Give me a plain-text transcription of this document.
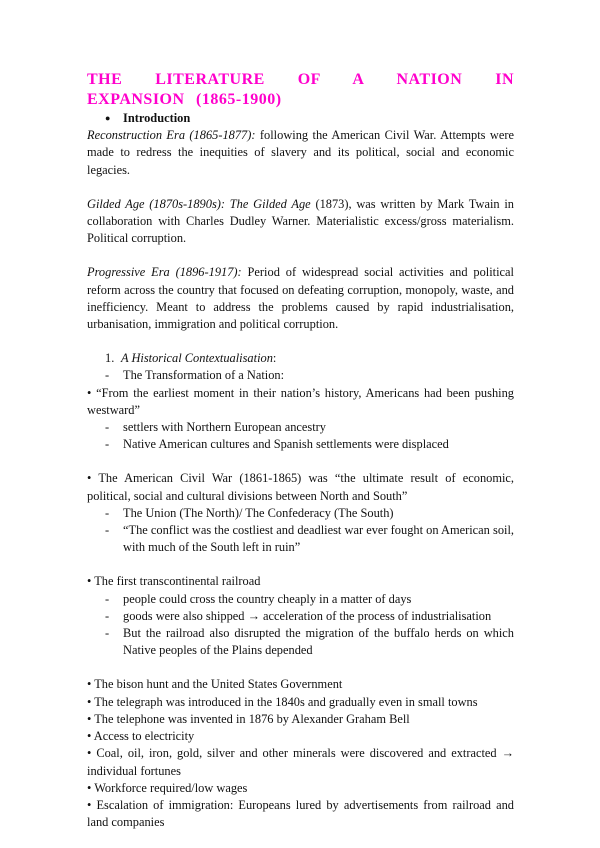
THE LITERATURE OF A NATION IN EXPANSION (1865-1900)

●	Introduction

Reconstruction Era (1865-1877): following the American Civil War. Attempts were made to redress the inequities of slavery and its political, social and economic legacies.

Gilded Age (1870s-1890s): The Gilded Age (1873), was written by Mark Twain in collaboration with Charles Dudley Warner. Materialistic excess/gross materialism. Political corruption.

Progressive Era (1896-1917): Period of widespread social activities and political reform across the country that focused on defeating corruption, monopoly, waste, and inefficiency. Meant to address the problems caused by rapid industrialisation, urbanisation, immigration and political corruption.

1. A Historical Contextualisation:
-	The Transformation of a Nation:

• “From the earliest moment in their nation’s history, Americans had been pushing westward”

-	settlers with Northern European ancestry
-	Native American cultures and Spanish settlements were displaced

• The American Civil War (1861-1865) was “the ultimate result of economic, political, social and cultural divisions between North and South”

-	The Union (The North)/ The Confederacy (The South)
-	“The conflict was the costliest and deadliest war ever fought on American soil, with much of the South left in ruin”

• The first transcontinental railroad

-	people could cross the country cheaply in a matter of days
-	goods were also shipped → acceleration of the process of industrialisation
-	But the railroad also disrupted the migration of the buffalo herds on which Native peoples of the Plains depended

• The bison hunt and the United States Government

• The telegraph was introduced in the 1840s and gradually even in small towns

• The telephone was invented in 1876 by Alexander Graham Bell

• Access to electricity

• Coal, oil, iron, gold, silver and other minerals were discovered and extracted → individual fortunes

• Workforce required/low wages

• Escalation of immigration: Europeans lured by advertisements from railroad and land companies
